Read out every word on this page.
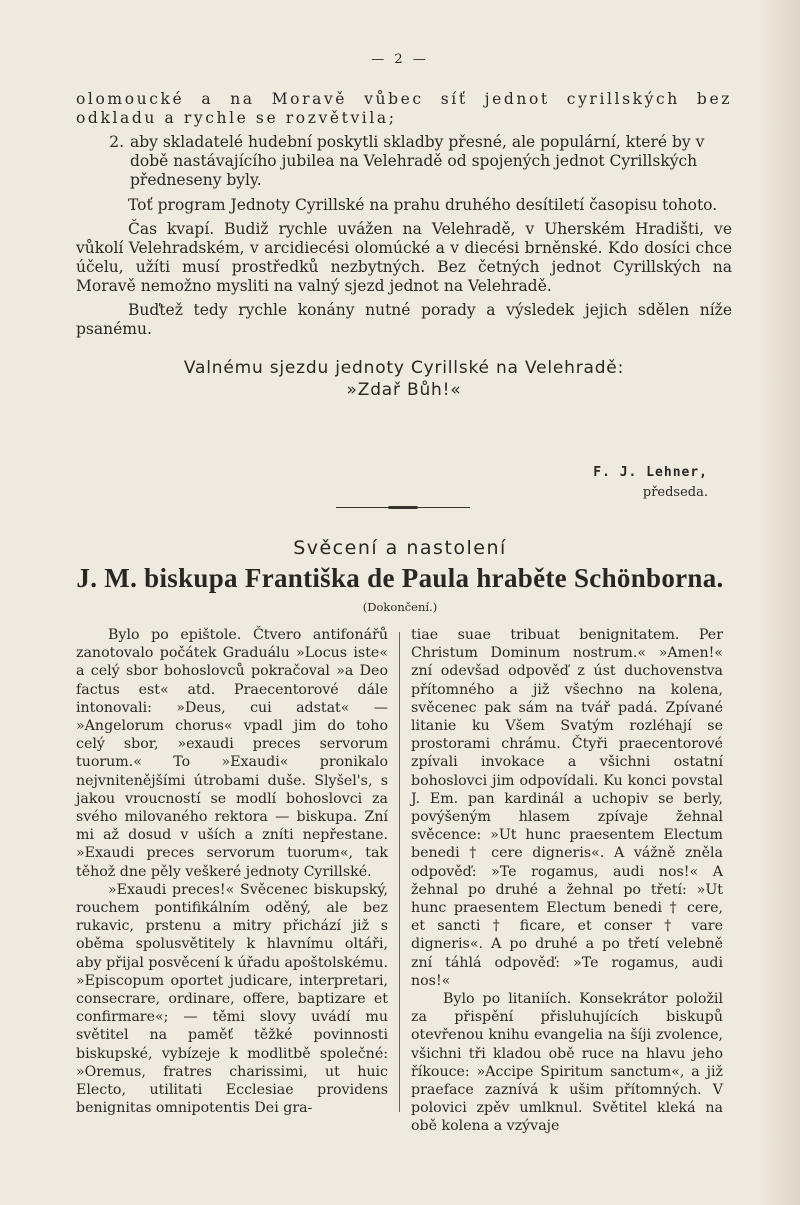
— 2 —

olomoucké a na Moravě vůbec síť jednot cyrillských bez odkladu a rychle se rozvětvila;

2. aby skladatelé hudební poskytli skladby přesné, ale populární, které by v době nastávajícího jubilea na Velehradě od spojených jednot Cyrillských předneseny byly.

Toť program Jednoty Cyrillské na prahu druhého desítiletí časopisu tohoto.

Čas kvapí. Budiž rychle uvážen na Velehradě, v Uherském Hradišti, ve vůkolí Velehradském, v arcidiecési olomúcké a v diecési brněnské. Kdo dosíci chce účelu, užíti musí prostředků nezbytných. Bez četných jednot Cyrillských na Moravě nemožno mysliti na valný sjezd jednot na Velehradě.

Buďtež tedy rychle konány nutné porady a výsledek jejich sdělen níže psanému.

Valnému sjezdu jednoty Cyrillské na Velehradě:
»Zdař Bůh!«
F. J. Lehner,
předseda.
Svěcení a nastolení
J. M. biskupa Františka de Paula hraběte Schönborna.
(Dokončení.)

Bylo po epištole. Čtvero antifonářů zanotovalo počátek Graduálu »Locus iste« a celý sbor bohoslovců pokračoval »a Deo factus est« atd. Praecentorové dále intonovali: »Deus, cui adstat« — »Angelorum chorus« vpadl jim do toho celý sbor, »exaudi preces servorum tuorum.« To »Exaudi« pronikalo nejvnitenějšími útrobami duše. Slyšel's, s jakou vroucností se modlí bohoslovci za svého milovaného rektora — biskupa. Zní mi až dosud v uších a zníti nepřestane. »Exaudi preces servorum tuorum«, tak těhož dne pěly veškeré jednoty Cyrillské.

»Exaudi preces!« Svěcenec biskupský, rouchem pontifikálním oděný, ale bez rukavic, prstenu a mitry přichází již s oběma spolusvětitely k hlavnímu oltáři, aby přijal posvěcení k úřadu apoštolskému. »Episcopum oportet judicare, interpretari, consecrare, ordinare, offere, baptizare et confirmare«; — těmi slovy uvádí mu světitel na paměť těžké povinnosti biskupské, vybízeje k modlitbě společné: »Oremus, fratres charissimi, ut huic Electo, utilitati Ecclesiae providens benignitas omnipotentis Dei gra-

tiae suae tribuat benignitatem. Per Christum Dominum nostrum.« »Amen!« zní odevšad odpověď z úst duchovenstva přítomného a již všechno na kolena, svěcenec pak sám na tvář padá. Zpívané litanie ku Všem Svatým rozléhají se prostorami chrámu. Čtyři praecentorové zpívali invokace a všichni ostatní bohoslovci jim odpovídali. Ku konci povstal J. Em. pan kardinál a uchopiv se berly, povýšeným hlasem zpívaje žehnal svěcence: »Ut hunc praesentem Electum benedi † cere digneris«. A vážně zněla odpověď: »Te rogamus, audi nos!« A žehnal po druhé a žehnal po třetí: »Ut hunc praesentem Electum benedi † cere, et sancti † ficare, et conser † vare digneris«. A po druhé a po třetí velebně zní táhlá odpověď: »Te rogamus, audi nos!«

Bylo po litaniích. Konsekrátor položil za přispění přisluhujících biskupů otevřenou knihu evangelia na šíji zvolence, všichni tři kladou obě ruce na hlavu jeho říkouce: »Accipe Spiritum sanctum«, a již praeface zaznívá k ušim přítomných. V polovici zpěv umlknul. Světitel kleká na obě kolena a vzývaje
